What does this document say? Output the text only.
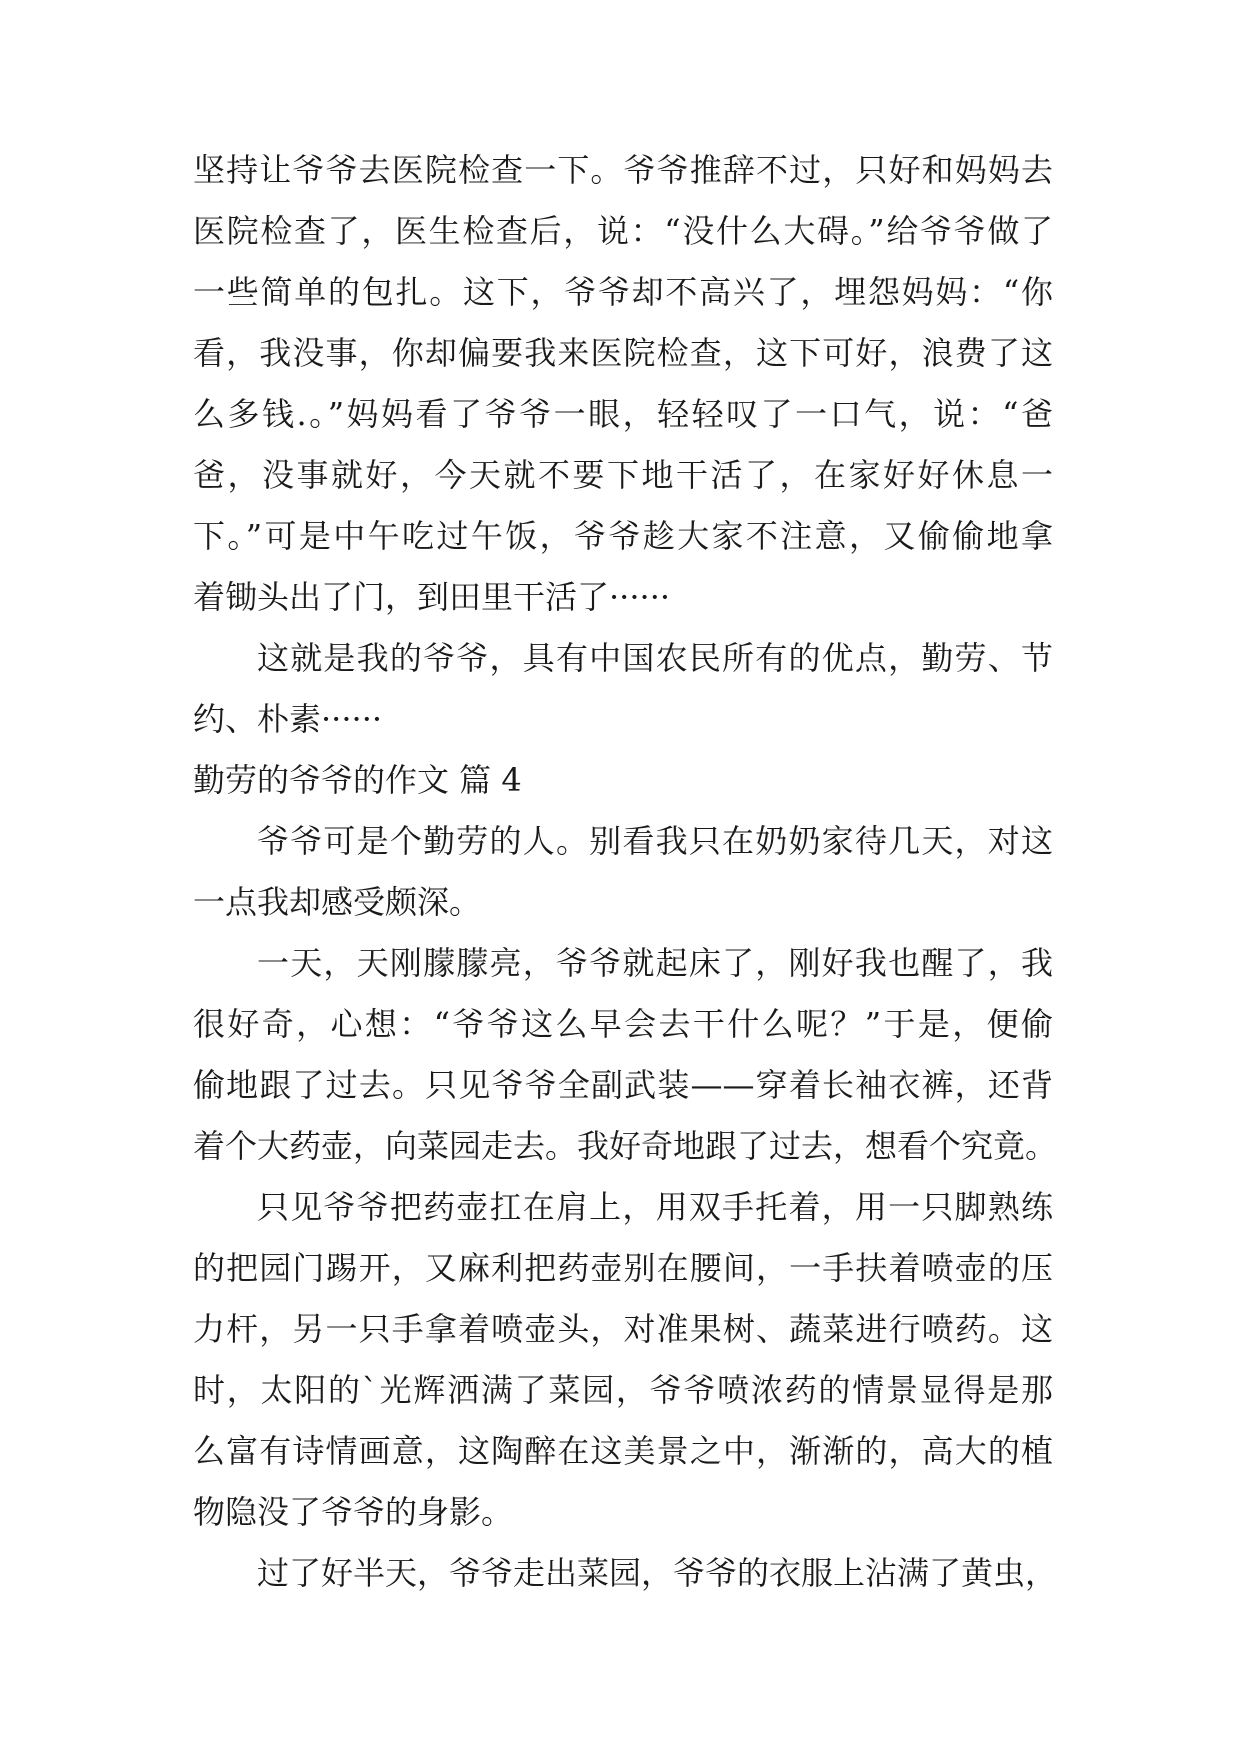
坚持让爷爷去医院检查一下。爷爷推辞不过，只好和妈妈去
医院检查了，医生检查后，说：“没什么大碍。”给爷爷做了
一些简单的包扎。这下，爷爷却不高兴了，埋怨妈妈：“你
看，我没事，你却偏要我来医院检查，这下可好，浪费了这
么多钱.。”妈妈看了爷爷一眼，轻轻叹了一口气，说：“爸
爸，没事就好，今天就不要下地干活了，在家好好休息一
下。”可是中午吃过午饭，爷爷趁大家不注意，又偷偷地拿
着锄头出了门，到田里干活了······
这就是我的爷爷，具有中国农民所有的优点，勤劳、节
约、朴素······
勤劳的爷爷的作文 篇 4
爷爷可是个勤劳的人。别看我只在奶奶家待几天，对这
一点我却感受颇深。
一天，天刚朦朦亮，爷爷就起床了，刚好我也醒了，我
很好奇，心想：“爷爷这么早会去干什么呢？”于是，便偷
偷地跟了过去。只见爷爷全副武装——穿着长袖衣裤，还背
着个大药壶，向菜园走去。我好奇地跟了过去，想看个究竟。
只见爷爷把药壶扛在肩上，用双手托着，用一只脚熟练
的把园门踢开，又麻利把药壶别在腰间，一手扶着喷壶的压
力杆，另一只手拿着喷壶头，对准果树、蔬菜进行喷药。这
时，太阳的`光辉洒满了菜园，爷爷喷浓药的情景显得是那
么富有诗情画意，这陶醉在这美景之中，渐渐的，高大的植
物隐没了爷爷的身影。
过了好半天，爷爷走出菜园，爷爷的衣服上沾满了黄虫，
